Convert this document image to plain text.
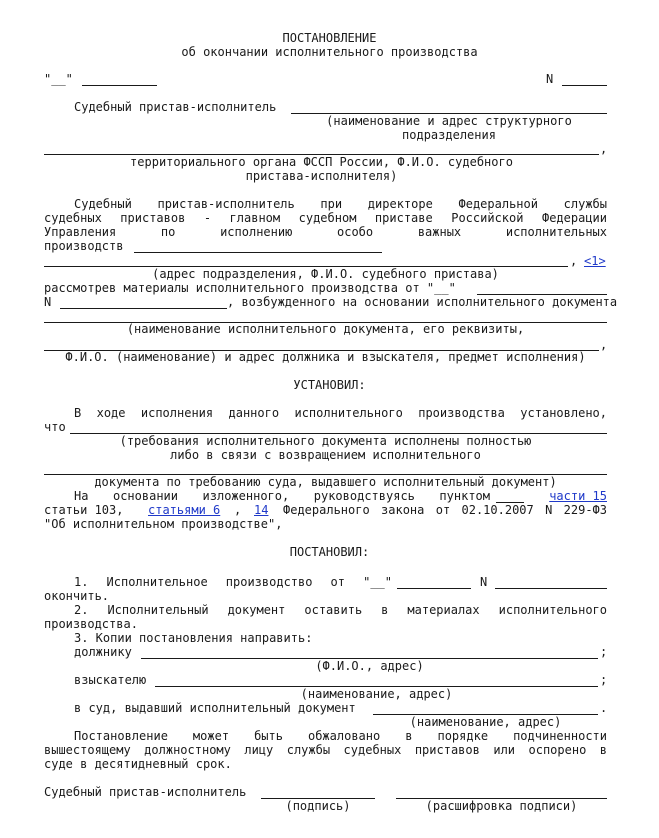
ПОСТАНОВЛЕНИЕ
об окончании исполнительного производства
"__"	N
Судебный пристав-исполнитель
(наименование и адрес структурного
подразделения
,
территориального органа ФССП России, Ф.И.О. судебного
пристава-исполнителя)
Судебный пристав-исполнитель при директоре Федеральной службы
судебных приставов - главном судебном приставе Российской Федерации
Управления по исполнению особо важных исполнительных
производств
, <1>
(адрес подразделения, Ф.И.О. судебного пристава)
рассмотрев материалы исполнительного производства от "__"
N	, возбужденного на основании исполнительного документа
(наименование исполнительного документа, его реквизиты,
,
Ф.И.О. (наименование) и адрес должника и взыскателя, предмет исполнения)
УСТАНОВИЛ:
В ходе исполнения данного исполнительного производства установлено,
что
(требования исполнительного документа исполнены полностью
либо в связи с возвращением исполнительного
документа по требованию суда, выдавшего исполнительный документ)
На основании изложенного, руководствуясь пунктом	части 15
статьи 103, статьями 6 , 14 Федерального закона от 02.10.2007 N 229-ФЗ
"Об исполнительном производстве",
ПОСТАНОВИЛ:
1. Исполнительное производство от "__"	N
окончить.
2. Исполнительный документ оставить в материалах исполнительного
производства.
3. Копии постановления направить:
должнику	;
(Ф.И.О., адрес)
взыскателю	;
(наименование, адрес)
в суд, выдавший исполнительный документ	.
(наименование, адрес)
Постановление может быть обжаловано в порядке подчиненности
вышестоящему должностному лицу службы судебных приставов или оспорено в
суде в десятидневный срок.
Судебный пристав-исполнитель
(подпись)	(расшифровка подписи)
